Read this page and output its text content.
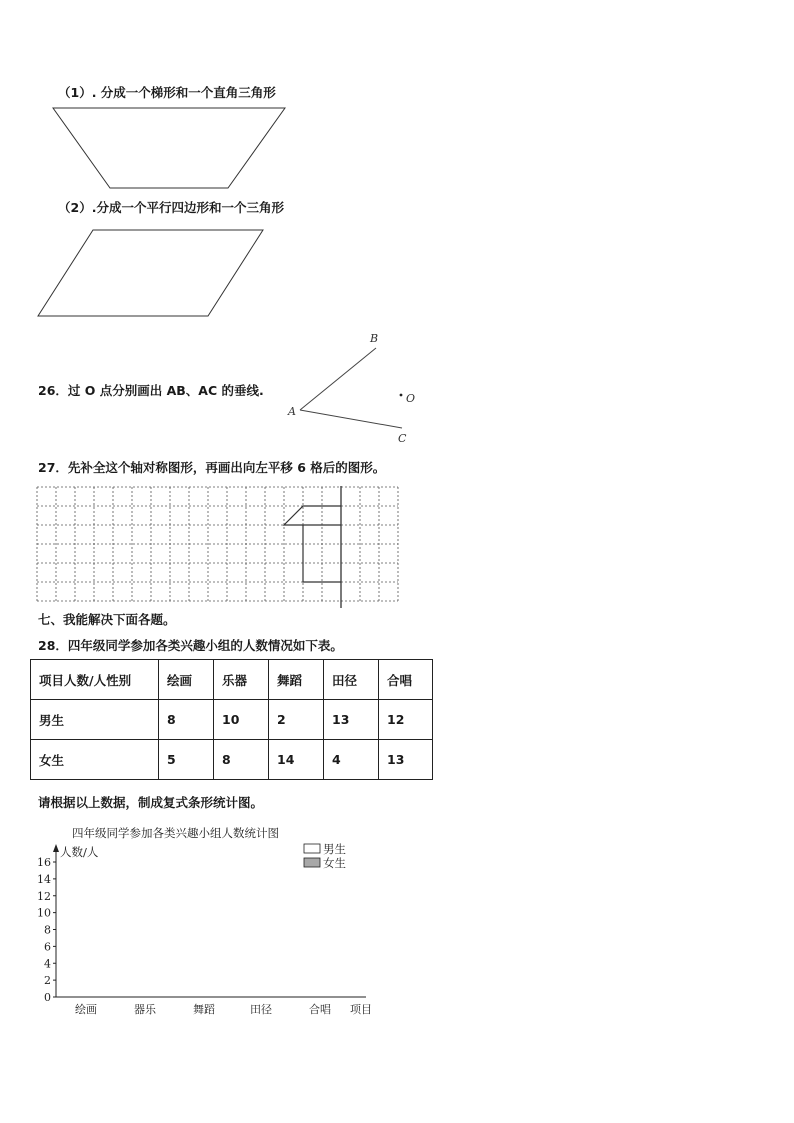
（1）. 分成一个梯形和一个直角三角形
（2）.分成一个平行四边形和一个三角形
26．过 O 点分别画出 AB、AC 的垂线.
A
B
C
O
27．先补全这个轴对称图形，再画出向左平移 6 格后的图形。
七、我能解决下面各题。
28．四年级同学参加各类兴趣小组的人数情况如下表。
项目人数/人性别	绘画	乐器	舞蹈	田径	合唱
男生	8	10	2	13	12
女生	5	8	14	4	13
请根据以上数据，制成复式条形统计图。
四年级同学参加各类兴趣小组人数统计图
人数/人
0
2
4
6
8
10
12
14
16
绘画	器乐	舞蹈	田径	合唱 项目
男生
女生
